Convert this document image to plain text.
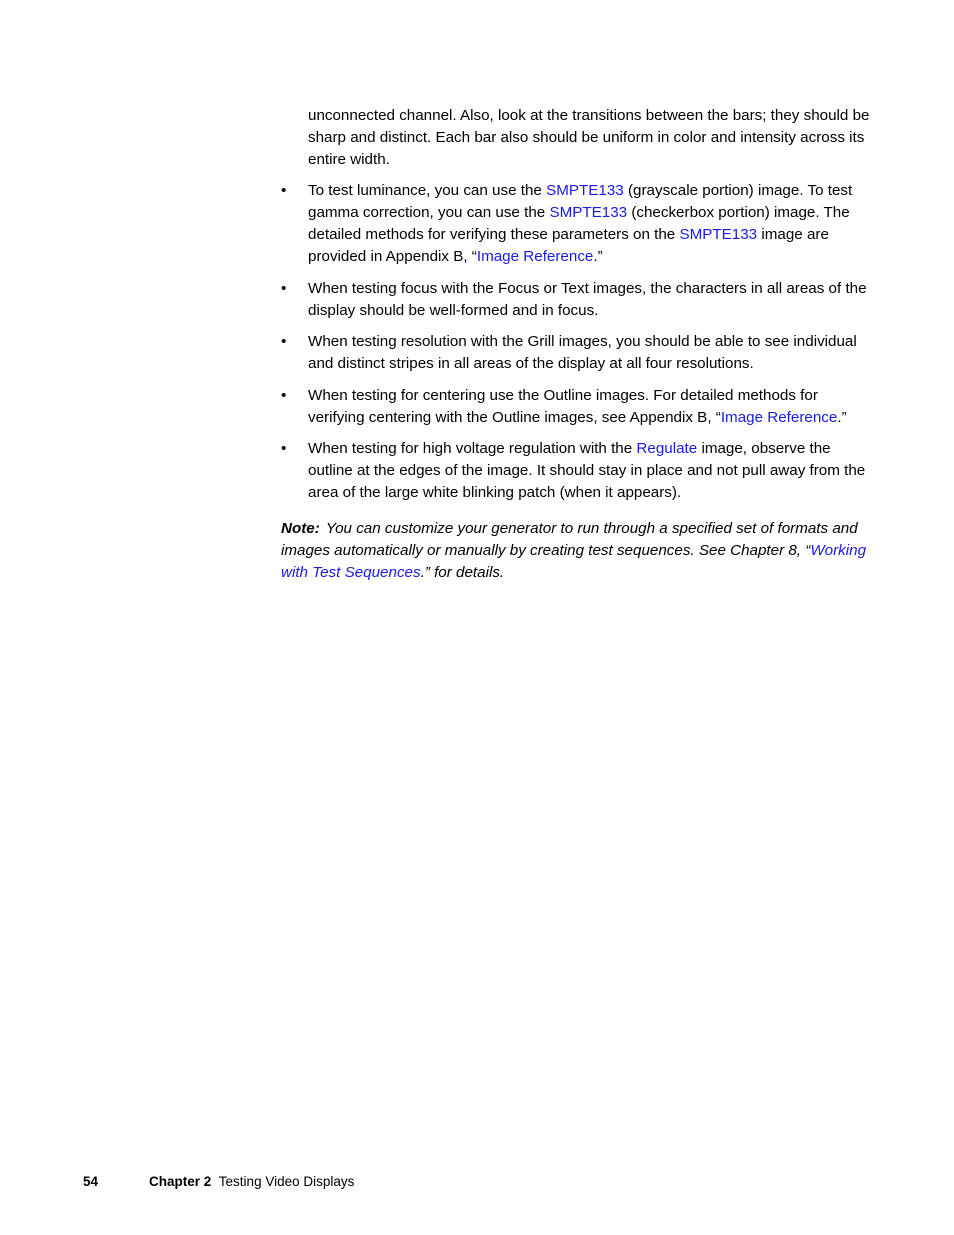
unconnected channel. Also, look at the transitions between the bars; they should be sharp and distinct. Each bar also should be uniform in color and intensity across its entire width.

• To test luminance, you can use the SMPTE133 (grayscale portion) image. To test gamma correction, you can use the SMPTE133 (checkerbox portion) image. The detailed methods for verifying these parameters on the SMPTE133 image are provided in Appendix B, “Image Reference.”
• When testing focus with the Focus or Text images, the characters in all areas of the display should be well-formed and in focus.
• When testing resolution with the Grill images, you should be able to see individual and distinct stripes in all areas of the display at all four resolutions.
• When testing for centering use the Outline images. For detailed methods for verifying centering with the Outline images, see Appendix B, “Image Reference.”
• When testing for high voltage regulation with the Regulate image, observe the outline at the edges of the image. It should stay in place and not pull away from the area of the large white blinking patch (when it appears).

Note: You can customize your generator to run through a specified set of formats and images automatically or manually by creating test sequences. See Chapter 8, “Working with Test Sequences.” for details.

54	Chapter 2 Testing Video Displays
